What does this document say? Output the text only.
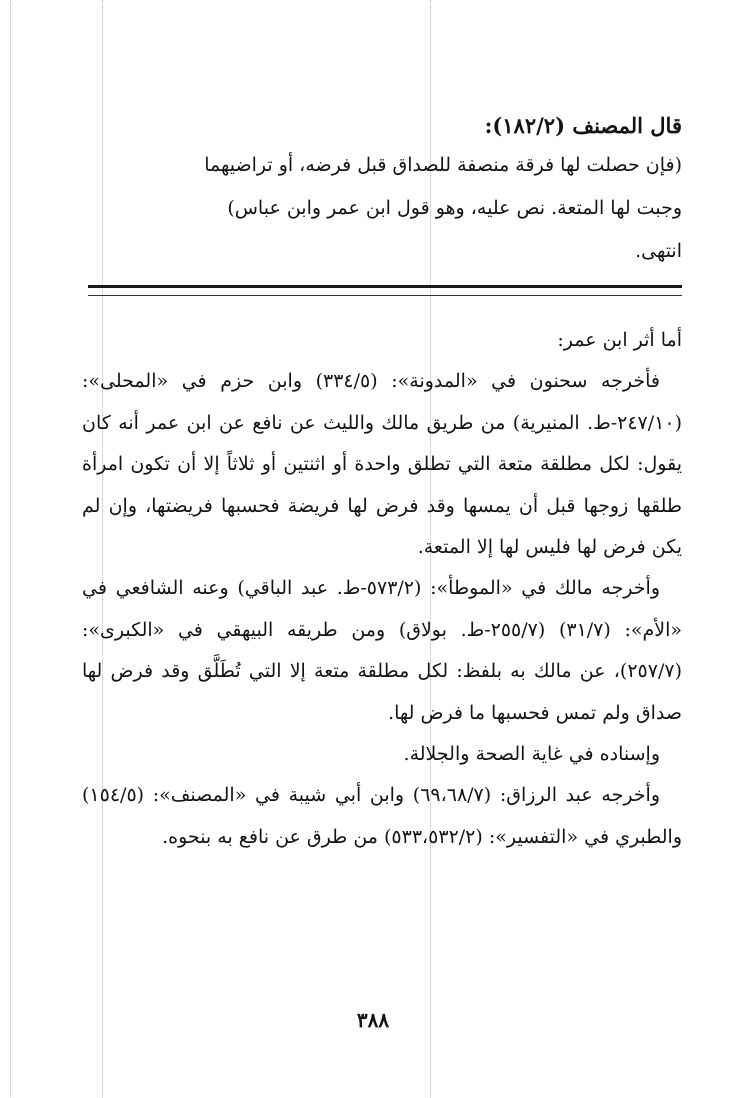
قال المصنف (١٨٢/٢):

(فإن حصلت لها فرقة منصفة للصداق قبل فرضه، أو تراضيهما

وجبت لها المتعة. نص عليه، وهو قول ابن عمر وابن عباس)

انتهى.

أما أثر ابن عمر:

فأخرجه سحنون في «المدونة»: (٣٣٤/٥) وابن حزم في «المحلى»: (٢٤٧/١٠-ط. المنيرية) من طريق مالك والليث عن نافع عن ابن عمر أنه كان يقول: لكل مطلقة متعة التي تطلق واحدة أو اثنتين أو ثلاثاً إلا أن تكون امرأة طلقها زوجها قبل أن يمسها وقد فرض لها فريضة فحسبها فريضتها، وإن لم يكن فرض لها فليس لها إلا المتعة.

وأخرجه مالك في «الموطأ»: (٥٧٣/٢-ط. عبد الباقي) وعنه الشافعي في «الأم»: (٣١/٧) (٢٥٥/٧-ط. بولاق) ومن طريقه البيهقي في «الكبرى»: (٢٥٧/٧)، عن مالك به بلفظ: لكل مطلقة متعة إلا التي تُطَلَّق وقد فرض لها صداق ولم تمس فحسبها ما فرض لها.

وإسناده في غاية الصحة والجلالة.

وأخرجه عبد الرزاق: (٦٩،٦٨/٧) وابن أبي شيبة في «المصنف»: (١٥٤/٥) والطبري في «التفسير»: (٥٣٣،٥٣٢/٢) من طرق عن نافع به بنحوه.

٣٨٨
